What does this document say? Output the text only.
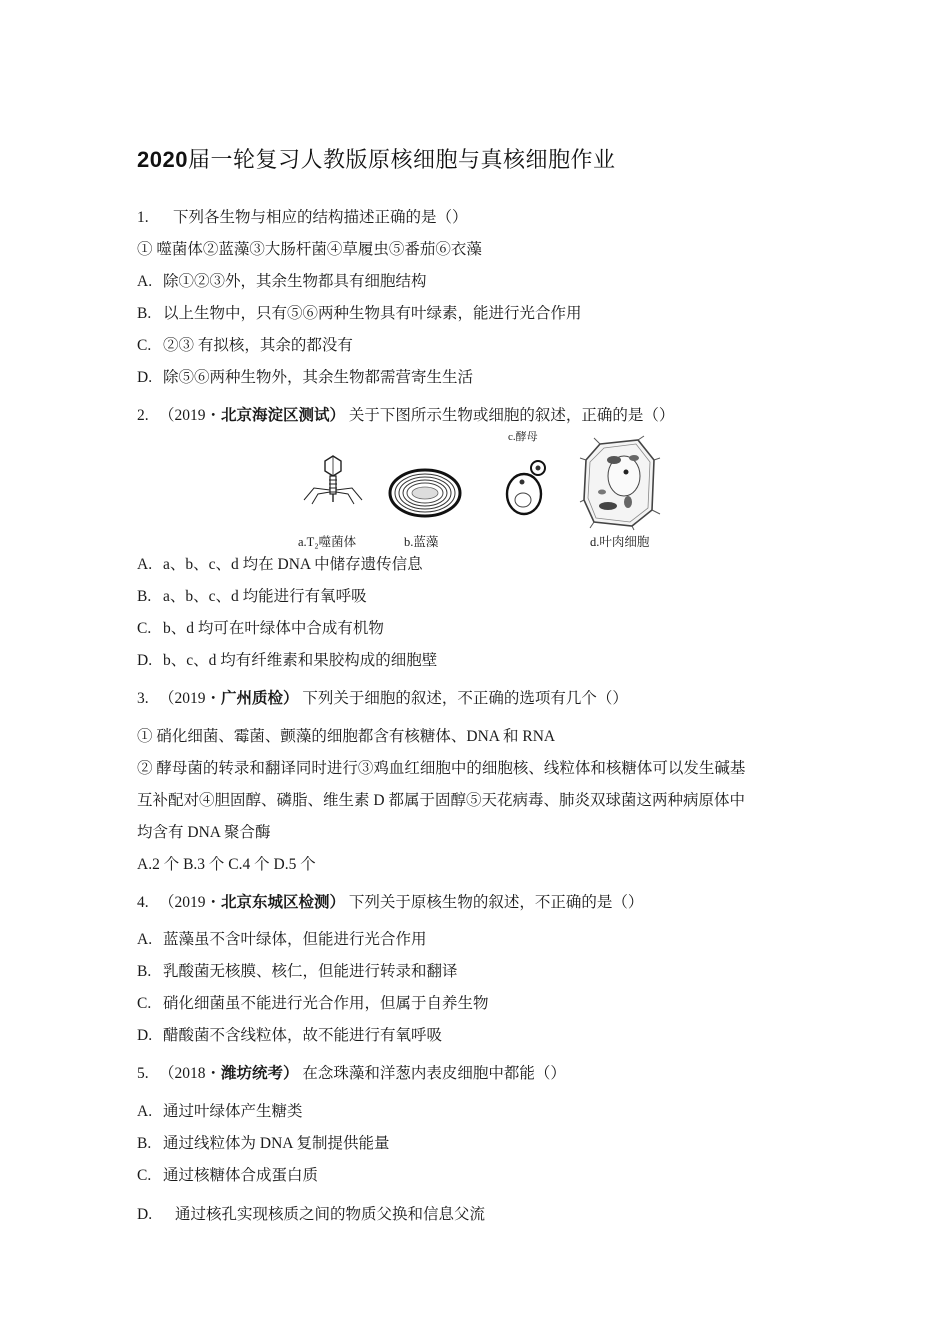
2020届一轮复习人教版原核细胞与真核细胞作业
1. 下列各生物与相应的结构描述正确的是（）
① 噬菌体②蓝藻③大肠杆菌④草履虫⑤番茄⑥衣藻
A. 除①②③外，其余生物都具有细胞结构
B. 以上生物中，只有⑤⑥两种生物具有叶绿素，能进行光合作用
C. ②③ 有拟核，其余的都没有
D. 除⑤⑥两种生物外，其余生物都需营寄生生活
2. （2019・北京海淀区测试） 关于下图所示生物或细胞的叙述，正确的是（）
c.酵母
a.T₂噬菌体	b.蓝藻	d.叶肉细胞
A. a、b、c、d 均在 DNA 中储存遗传信息
B. a、b、c、d 均能进行有氧呼吸
C. b、d 均可在叶绿体中合成有机物
D. b、c、d 均有纤维素和果胶构成的细胞壁
3. （2019・广州质检） 下列关于细胞的叙述，不正确的选项有几个（）
① 硝化细菌、霉菌、颤藻的细胞都含有核糖体、DNA 和 RNA
② 酵母菌的转录和翻译同时进行③鸡血红细胞中的细胞核、线粒体和核糖体可以发生碱基
互补配对④胆固醇、磷脂、维生素 D 都属于固醇⑤天花病毒、肺炎双球菌这两种病原体中
均含有 DNA 聚合酶
A.2 个 B.3 个 C.4 个 D.5 个
4. （2019・北京东城区检测） 下列关于原核生物的叙述，不正确的是（）
A. 蓝藻虽不含叶绿体，但能进行光合作用
B. 乳酸菌无核膜、核仁，但能进行转录和翻译
C. 硝化细菌虽不能进行光合作用，但属于自养生物
D. 醋酸菌不含线粒体，故不能进行有氧呼吸
5. （2018・潍坊统考） 在念珠藻和洋葱内表皮细胞中都能（）
A. 通过叶绿体产生糖类
B. 通过线粒体为 DNA 复制提供能量
C. 通过核糖体合成蛋白质
D. 通过核孔实现核质之间的物质父换和信息父流
